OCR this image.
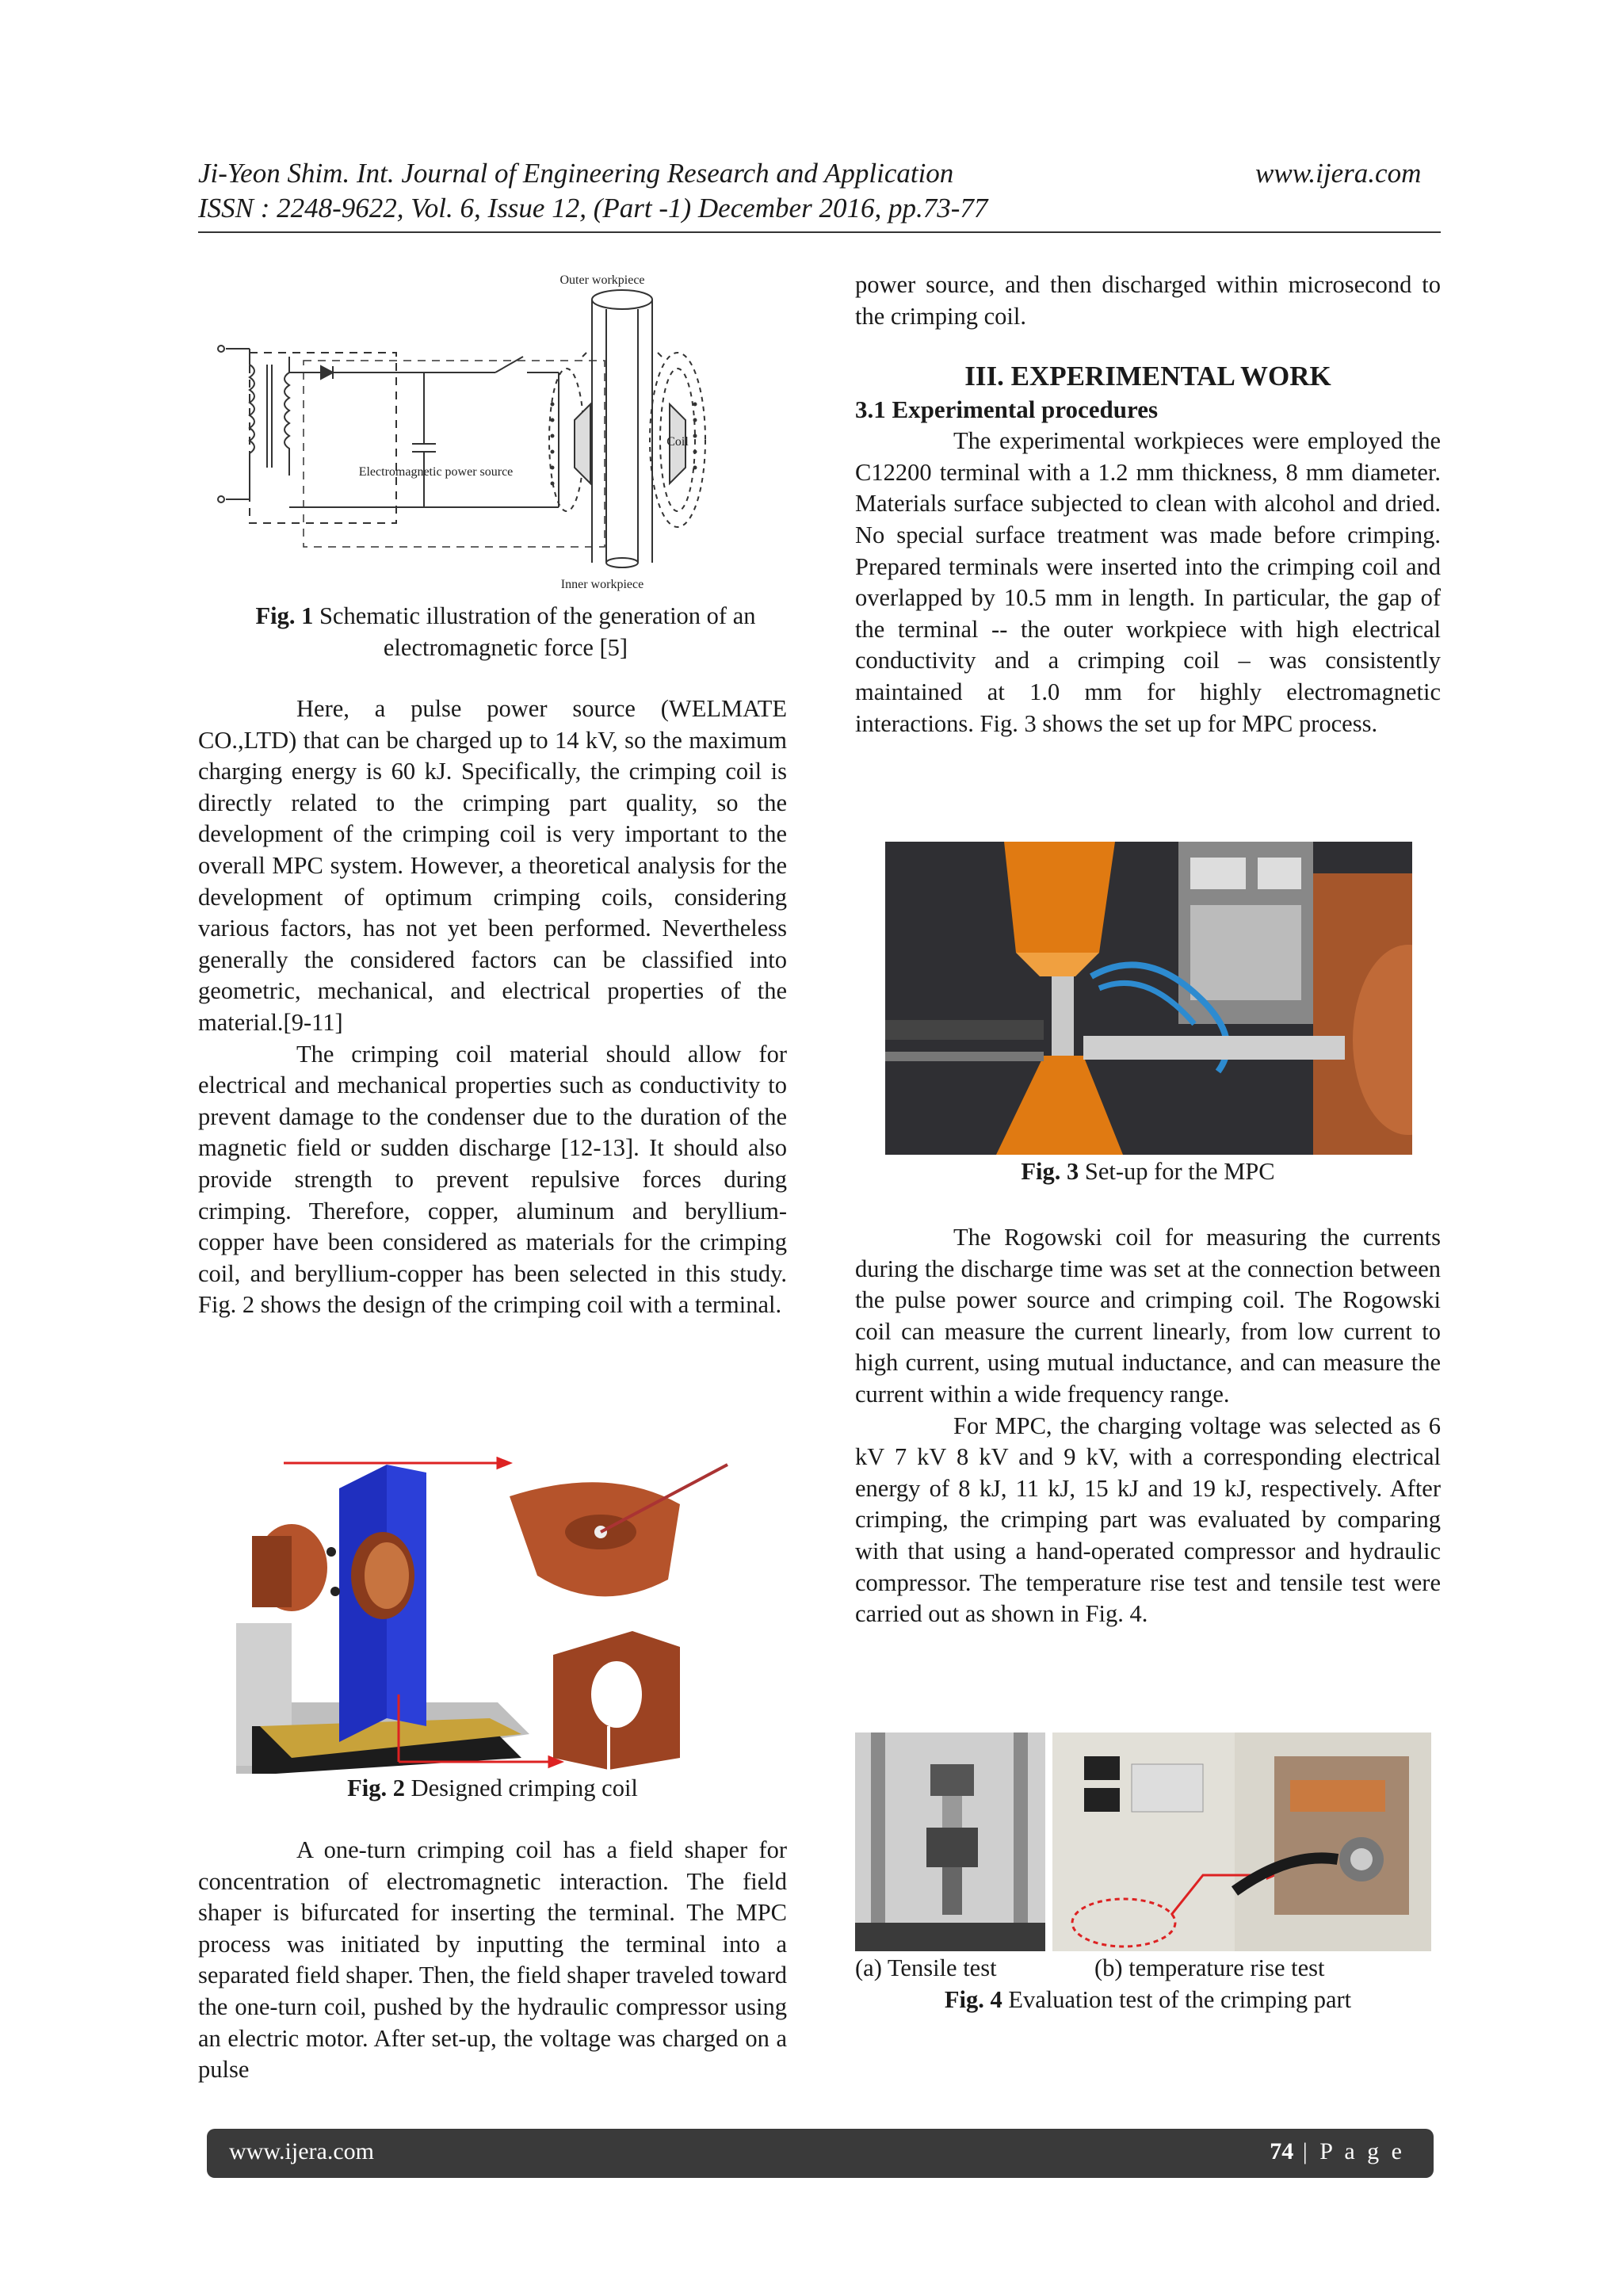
Ji-Yeon Shim. Int. Journal of Engineering Research and Application	www.ijera.com
ISSN : 2248-9622, Vol. 6, Issue 12, (Part -1) December 2016, pp.73-77
Outer workpiece
Inner workpiece
Coil
Electromagnetic power source
Fig. 1 Schematic illustration of the generation of an electromagnetic force [5]

Here, a pulse power source (WELMATE CO.,LTD) that can be charged up to 14 kV, so the maximum charging energy is 60 kJ. Specifically, the crimping coil is directly related to the crimping part quality, so the development of the crimping coil is very important to the overall MPC system. However, a theoretical analysis for the development of optimum crimping coils, considering various factors, has not yet been performed. Nevertheless generally the considered factors can be classified into geometric, mechanical, and electrical properties of the material.[9-11]

The crimping coil material should allow for electrical and mechanical properties such as conductivity to prevent damage to the condenser due to the duration of the magnetic field or sudden discharge [12-13]. It should also provide strength to prevent repulsive forces during crimping. Therefore, copper, aluminum and beryllium-copper have been considered as materials for the crimping coil, and beryllium-copper has been selected in this study. Fig. 2 shows the design of the crimping coil with a terminal.

Fig. 2 Designed crimping coil

A one-turn crimping coil has a field shaper for concentration of electromagnetic interaction. The field shaper is bifurcated for inserting the terminal. The MPC process was initiated by inputting the terminal into a separated field shaper. Then, the field shaper traveled toward the one-turn coil, pushed by the hydraulic compressor using an electric motor. After set-up, the voltage was charged on a pulse

power source, and then discharged within microsecond to the crimping coil.

III. EXPERIMENTAL WORK
3.1 Experimental procedures

The experimental workpieces were employed the C12200 terminal with a 1.2 mm thickness, 8 mm diameter. Materials surface subjected to clean with alcohol and dried. No special surface treatment was made before crimping. Prepared terminals were inserted into the crimping coil and overlapped by 10.5 mm in length. In particular, the gap of the terminal -- the outer workpiece with high electrical conductivity and a crimping coil – was consistently maintained at 1.0 mm for highly electromagnetic interactions. Fig. 3 shows the set up for MPC process.

Fig. 3 Set-up for the MPC

The Rogowski coil for measuring the currents during the discharge time was set at the connection between the pulse power source and crimping coil. The Rogowski coil can measure the current linearly, from low current to high current, using mutual inductance, and can measure the current within a wide frequency range.

For MPC, the charging voltage was selected as 6 kV 7 kV 8 kV and 9 kV, with a corresponding electrical energy of 8 kJ, 11 kJ, 15 kJ and 19 kJ, respectively. After crimping, the crimping part was evaluated by comparing with that using a hand-operated compressor and hydraulic compressor. The temperature rise test and tensile test were carried out as shown in Fig. 4.

(a) Tensile test	(b) temperature rise test
Fig. 4 Evaluation test of the crimping part
www.ijera.com	74 | P a g e
